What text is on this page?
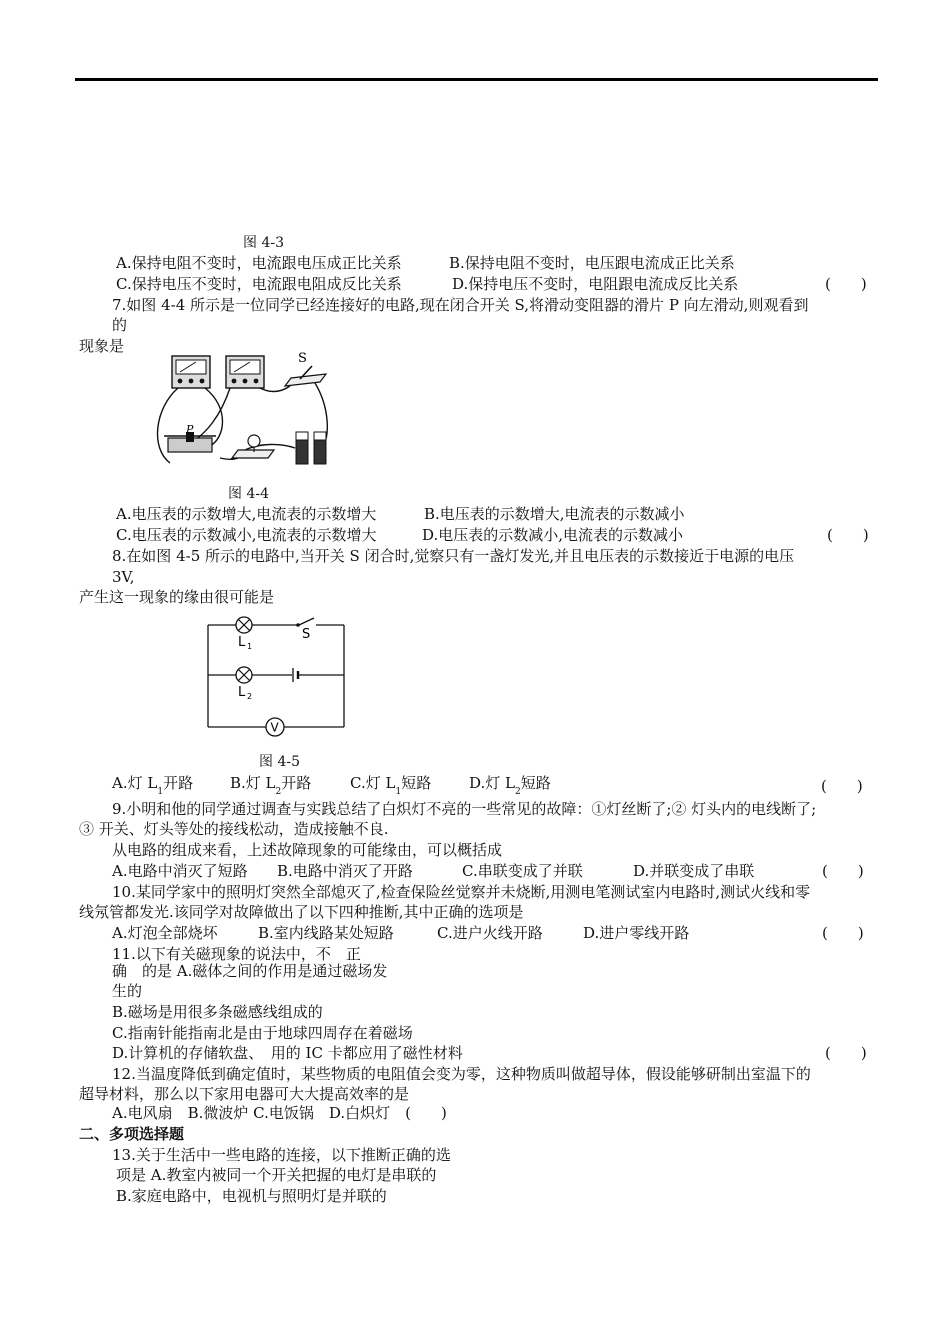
图 4-3
A.保持电阻不变时，电流跟电压成正比关系	B.保持电阻不变时，电压跟电流成正比关系
C.保持电压不变时，电流跟电阻成反比关系	D.保持电压不变时，电阻跟电流成反比关系	(　　)
7.如图 4-4 所示是一位同学已经连接好的电路,现在闭合开关 S,将滑动变阻器的滑片 P 向左滑动,则观看到
的
现象是
S
P
图 4-4
A.电压表的示数增大,电流表的示数增大	B.电压表的示数增大,电流表的示数减小
C.电压表的示数减小,电流表的示数增大	D.电压表的示数减小,电流表的示数减小	(　　)
8.在如图 4-5 所示的电路中,当开关 S 闭合时,觉察只有一盏灯发光,并且电压表的示数接近于电源的电压
3V,
产生这一现象的缘由很可能是
L 1
S
L 2
V
图 4-5
A.灯 $L_1$开路 B.灯 $L_2$开路	C.灯 $L_1$短路	D.灯 $L_2$短路	(　　)
9.小明和他的同学通过调查与实践总结了白炽灯不亮的一些常见的故障：①灯丝断了;② 灯头内的电线断了;
③ 开关、灯头等处的接线松动，造成接触不良.
从电路的组成来看，上述故障现象的可能缘由，可以概括成
A.电路中消灭了短路 B.电路中消灭了开路	C.串联变成了并联	D.并联变成了串联	(　　)
10.某同学家中的照明灯突然全部熄灭了,检查保险丝觉察并未烧断,用测电笔测试室内电路时,测试火线和零
线氖管都发光.该同学对故障做出了以下四种推断,其中正确的选项是
A.灯泡全部烧坏	B.室内线路某处短路	C.进户火线开路	D.进户零线开路	(　　)
11.以下有关磁现象的说法中，不　正
确　的是 A.磁体之间的作用是通过磁场发
生的
B.磁场是用很多条磁感线组成的
C.指南针能指南北是由于地球四周存在着磁场
D.计算机的存储软盘、　用的 IC 卡都应用了磁性材料	(　　)
12.当温度降低到确定值时，某些物质的电阻值会变为零，这种物质叫做超导体，假设能够研制出室温下的
超导材料，那么以下家用电器可大大提高效率的是
A.电风扇　B.微波炉 C.电饭锅　D.白炽灯　(　　)
二、多项选择题
13.关于生活中一些电路的连接，以下推断正确的选
项是 A.教室内被同一个开关把握的电灯是串联的
B.家庭电路中，电视机与照明灯是并联的
